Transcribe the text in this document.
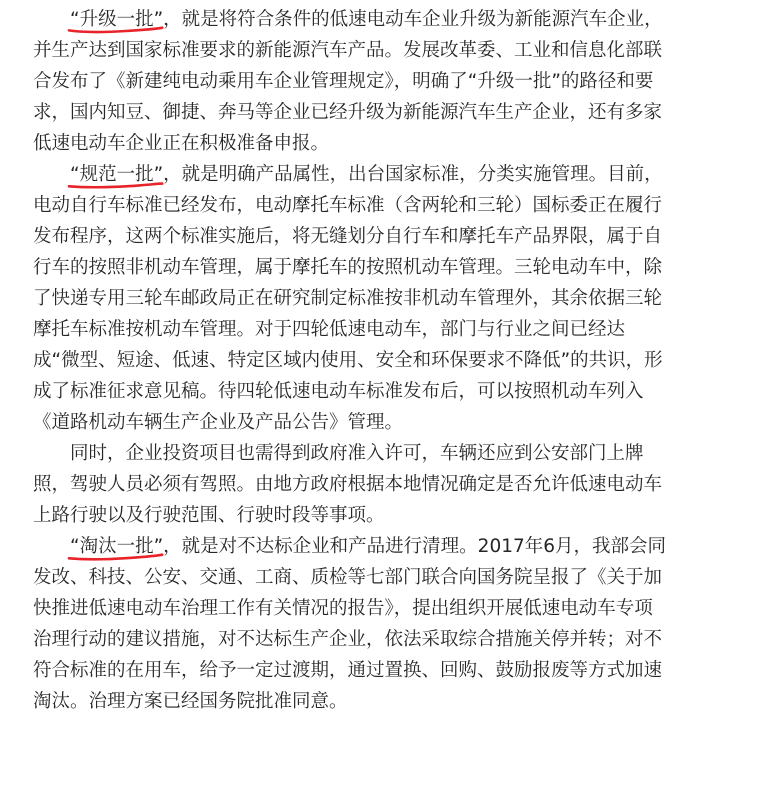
“升级一批”
，就是将符合条件的低速电动车企业升级为新能源汽车企业，
并生产达到国家标准要求的新能源汽车产品。发展改革委、工业和信息化部联
合发布了《新建纯电动乘用车企业管理规定》，明确了“升级一批”的路径和要
求，国内知豆、御捷、奔马等企业已经升级为新能源汽车生产企业，还有多家
低速电动车企业正在积极准备申报。

“规范一批”
，就是明确产品属性，出台国家标准，分类实施管理。目前，
电动自行车标准已经发布，电动摩托车标准（含两轮和三轮）国标委正在履行
发布程序，这两个标准实施后，将无缝划分自行车和摩托车产品界限，属于自
行车的按照非机动车管理，属于摩托车的按照机动车管理。三轮电动车中，除
了快递专用三轮车邮政局正在研究制定标准按非机动车管理外，其余依据三轮
摩托车标准按机动车管理。对于四轮低速电动车，部门与行业之间已经达
成“微型、短途、低速、特定区域内使用、安全和环保要求不降低”的共识，形
成了标准征求意见稿。待四轮低速电动车标准发布后，可以按照机动车列入
《道路机动车辆生产企业及产品公告》管理。

同时，企业投资项目也需得到政府准入许可，车辆还应到公安部门上牌
照，驾驶人员必须有驾照。由地方政府根据本地情况确定是否允许低速电动车
上路行驶以及行驶范围、行驶时段等事项。

“淘汰一批”
，就是对不达标企业和产品进行清理。2017年6月，我部会同
发改、科技、公安、交通、工商、质检等七部门联合向国务院呈报了《关于加
快推进低速电动车治理工作有关情况的报告》，提出组织开展低速电动车专项
治理行动的建议措施，对不达标生产企业，依法采取综合措施关停并转；对不
符合标准的在用车，给予一定过渡期，通过置换、回购、鼓励报废等方式加速
淘汰。治理方案已经国务院批准同意。
